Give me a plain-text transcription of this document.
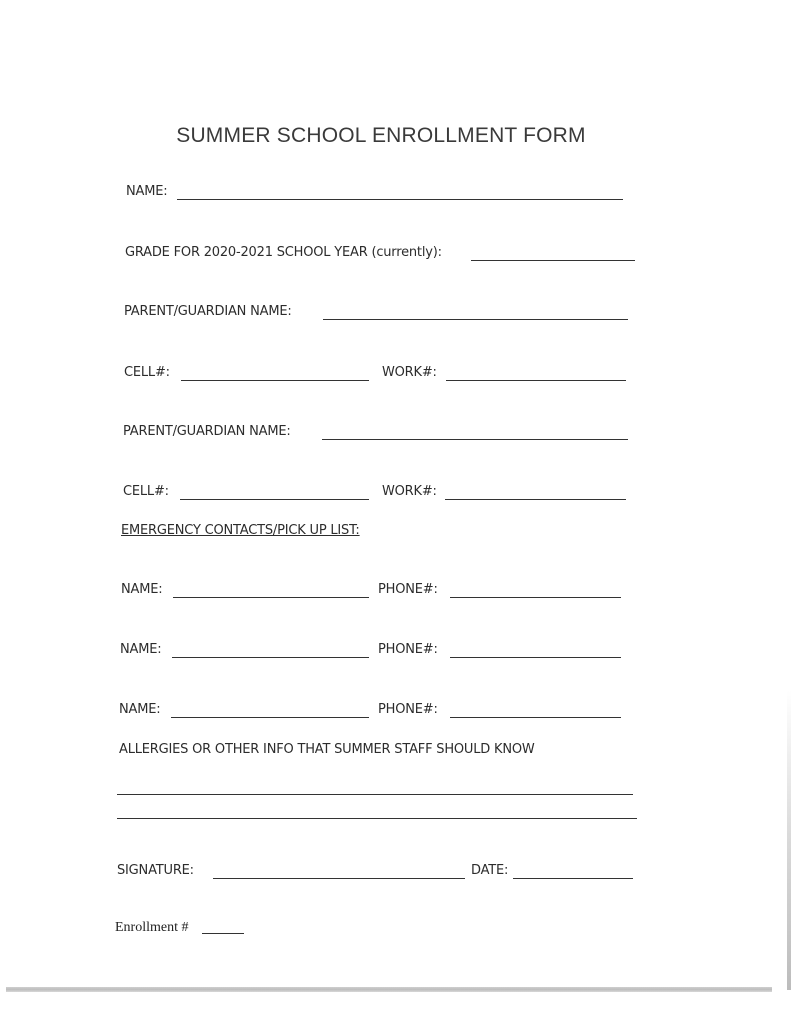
SUMMER SCHOOL ENROLLMENT FORM
NAME:
GRADE FOR 2020-2021 SCHOOL YEAR (currently):
PARENT/GUARDIAN NAME:
CELL#:	WORK#:
PARENT/GUARDIAN NAME:
CELL#:	WORK#:
EMERGENCY CONTACTS/PICK UP LIST:
NAME:	PHONE#:
NAME:	PHONE#:
NAME:	PHONE#:
ALLERGIES OR OTHER INFO THAT SUMMER STAFF SHOULD KNOW
SIGNATURE:	DATE:
Enrollment #
